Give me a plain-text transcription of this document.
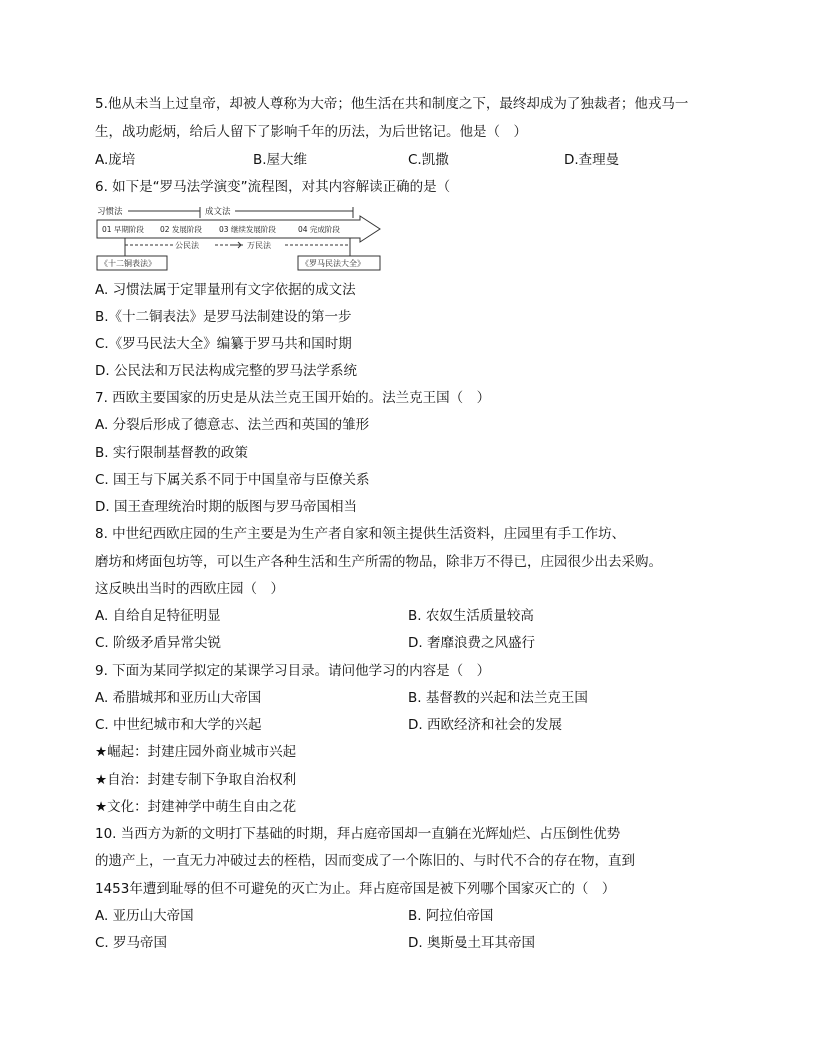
5.他从未当上过皇帝，却被人尊称为大帝；他生活在共和制度之下，最终却成为了独裁者；他戎马一
生，战功彪炳，给后人留下了影响千年的历法，为后世铭记。他是（　）
A.庞培	B.屋大维	C.凯撒	D.查理曼
6. 如下是“罗马法学演变”流程图，对其内容解读正确的是（
习惯法	成文法
01 早期阶段 02 发展阶段 03 继续发展阶段	04 完成阶段
公民法	万民法
《十二铜表法》	《罗马民法大全》
A. 习惯法属于定罪量刑有文字依据的成文法
B.《十二铜表法》是罗马法制建设的第一步
C.《罗马民法大全》编纂于罗马共和国时期
D. 公民法和万民法构成完整的罗马法学系统
7. 西欧主要国家的历史是从法兰克王国开始的。法兰克王国（　）
A. 分裂后形成了德意志、法兰西和英国的雏形
B. 实行限制基督教的政策
C. 国王与下属关系不同于中国皇帝与臣僚关系
D. 国王查理统治时期的版图与罗马帝国相当
8. 中世纪西欧庄园的生产主要是为生产者自家和领主提供生活资料，庄园里有手工作坊、
磨坊和烤面包坊等，可以生产各种生活和生产所需的物品，除非万不得已，庄园很少出去采购。
这反映出当时的西欧庄园（　）
A. 自给自足特征明显	B. 农奴生活质量较高
C. 阶级矛盾异常尖锐	D. 奢靡浪费之风盛行
9. 下面为某同学拟定的某课学习目录。请问他学习的内容是（　）
A. 希腊城邦和亚历山大帝国	B. 基督教的兴起和法兰克王国
C. 中世纪城市和大学的兴起	D. 西欧经济和社会的发展
★崛起：封建庄园外商业城市兴起
★自治：封建专制下争取自治权利
★文化：封建神学中萌生自由之花
10. 当西方为新的文明打下基础的时期，拜占庭帝国却一直躺在光辉灿烂、占压倒性优势
的遗产上，一直无力冲破过去的桎梏，因而变成了一个陈旧的、与时代不合的存在物，直到
1453年遭到耻辱的但不可避免的灭亡为止。拜占庭帝国是被下列哪个国家灭亡的（　）
A. 亚历山大帝国	B. 阿拉伯帝国
C. 罗马帝国	D. 奥斯曼土耳其帝国
